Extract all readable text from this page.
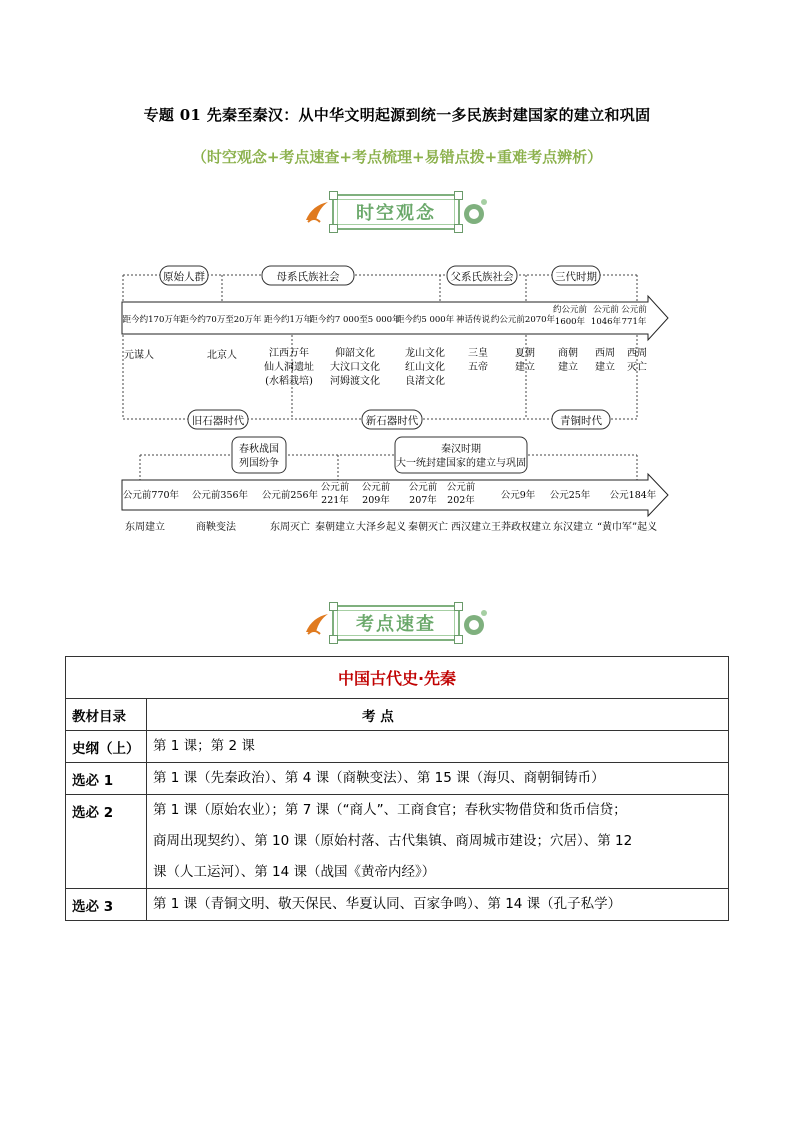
专题 01 先秦至秦汉：从中华文明起源到统一多民族封建国家的建立和巩固
（时空观念+考点速查+考点梳理+易错点拨+重难考点辨析）
时空观念
原始人群	母系氏族社会	父系氏族社会	三代时期
旧石器时代	新石器时代	青铜时代
距今约170万年 距今约70万至20万年 距今约1万年
距今约7 000至5 000年
距今约5 000年 神话传说 约公元前2070年
约公元前
1600年
公元前
1046年
公元前
771年
元谋人	北京人	江西万年
仙人洞遗址
(水稻栽培)
仰韶文化
大汶口文化
河姆渡文化
龙山文化
红山文化
良渚文化
三皇
五帝
夏朝
建立
商朝
建立
西周
建立
西周
灭亡
春秋战国
列国纷争
秦汉时期
大一统封建国家的建立与巩固
公元前770年 公元前356年 公元前256年
公元前
221年
公元前
209年
公元前
207年
公元前
202年	公元9年 公元25年 公元184年
东周建立	商鞅变法	东周灭亡 秦朝建立 大泽乡起义 秦朝灭亡 西汉建立 王莽政权建立 东汉建立 “黄巾军”起义
考点速查
中国古代史·先秦	
教材目录	考 点
史纲（上）	第 1 课；第 2 课

选必 1	第 1 课（先秦政治）、第 4 课（商鞅变法）、第 15 课（海贝、商朝铜铸币）

选必 2	第 1 课（原始农业）；第 7 课（“商人”、工商食官；春秋实物借贷和货币信贷；
商周出现契约）、第 10 课（原始村落、古代集镇、商周城市建设；穴居）、第 12
课（人工运河）、第 14 课（战国《黄帝内经》）

选必 3	第 1 课（青铜文明、敬天保民、华夏认同、百家争鸣）、第 14 课（孔子私学）
